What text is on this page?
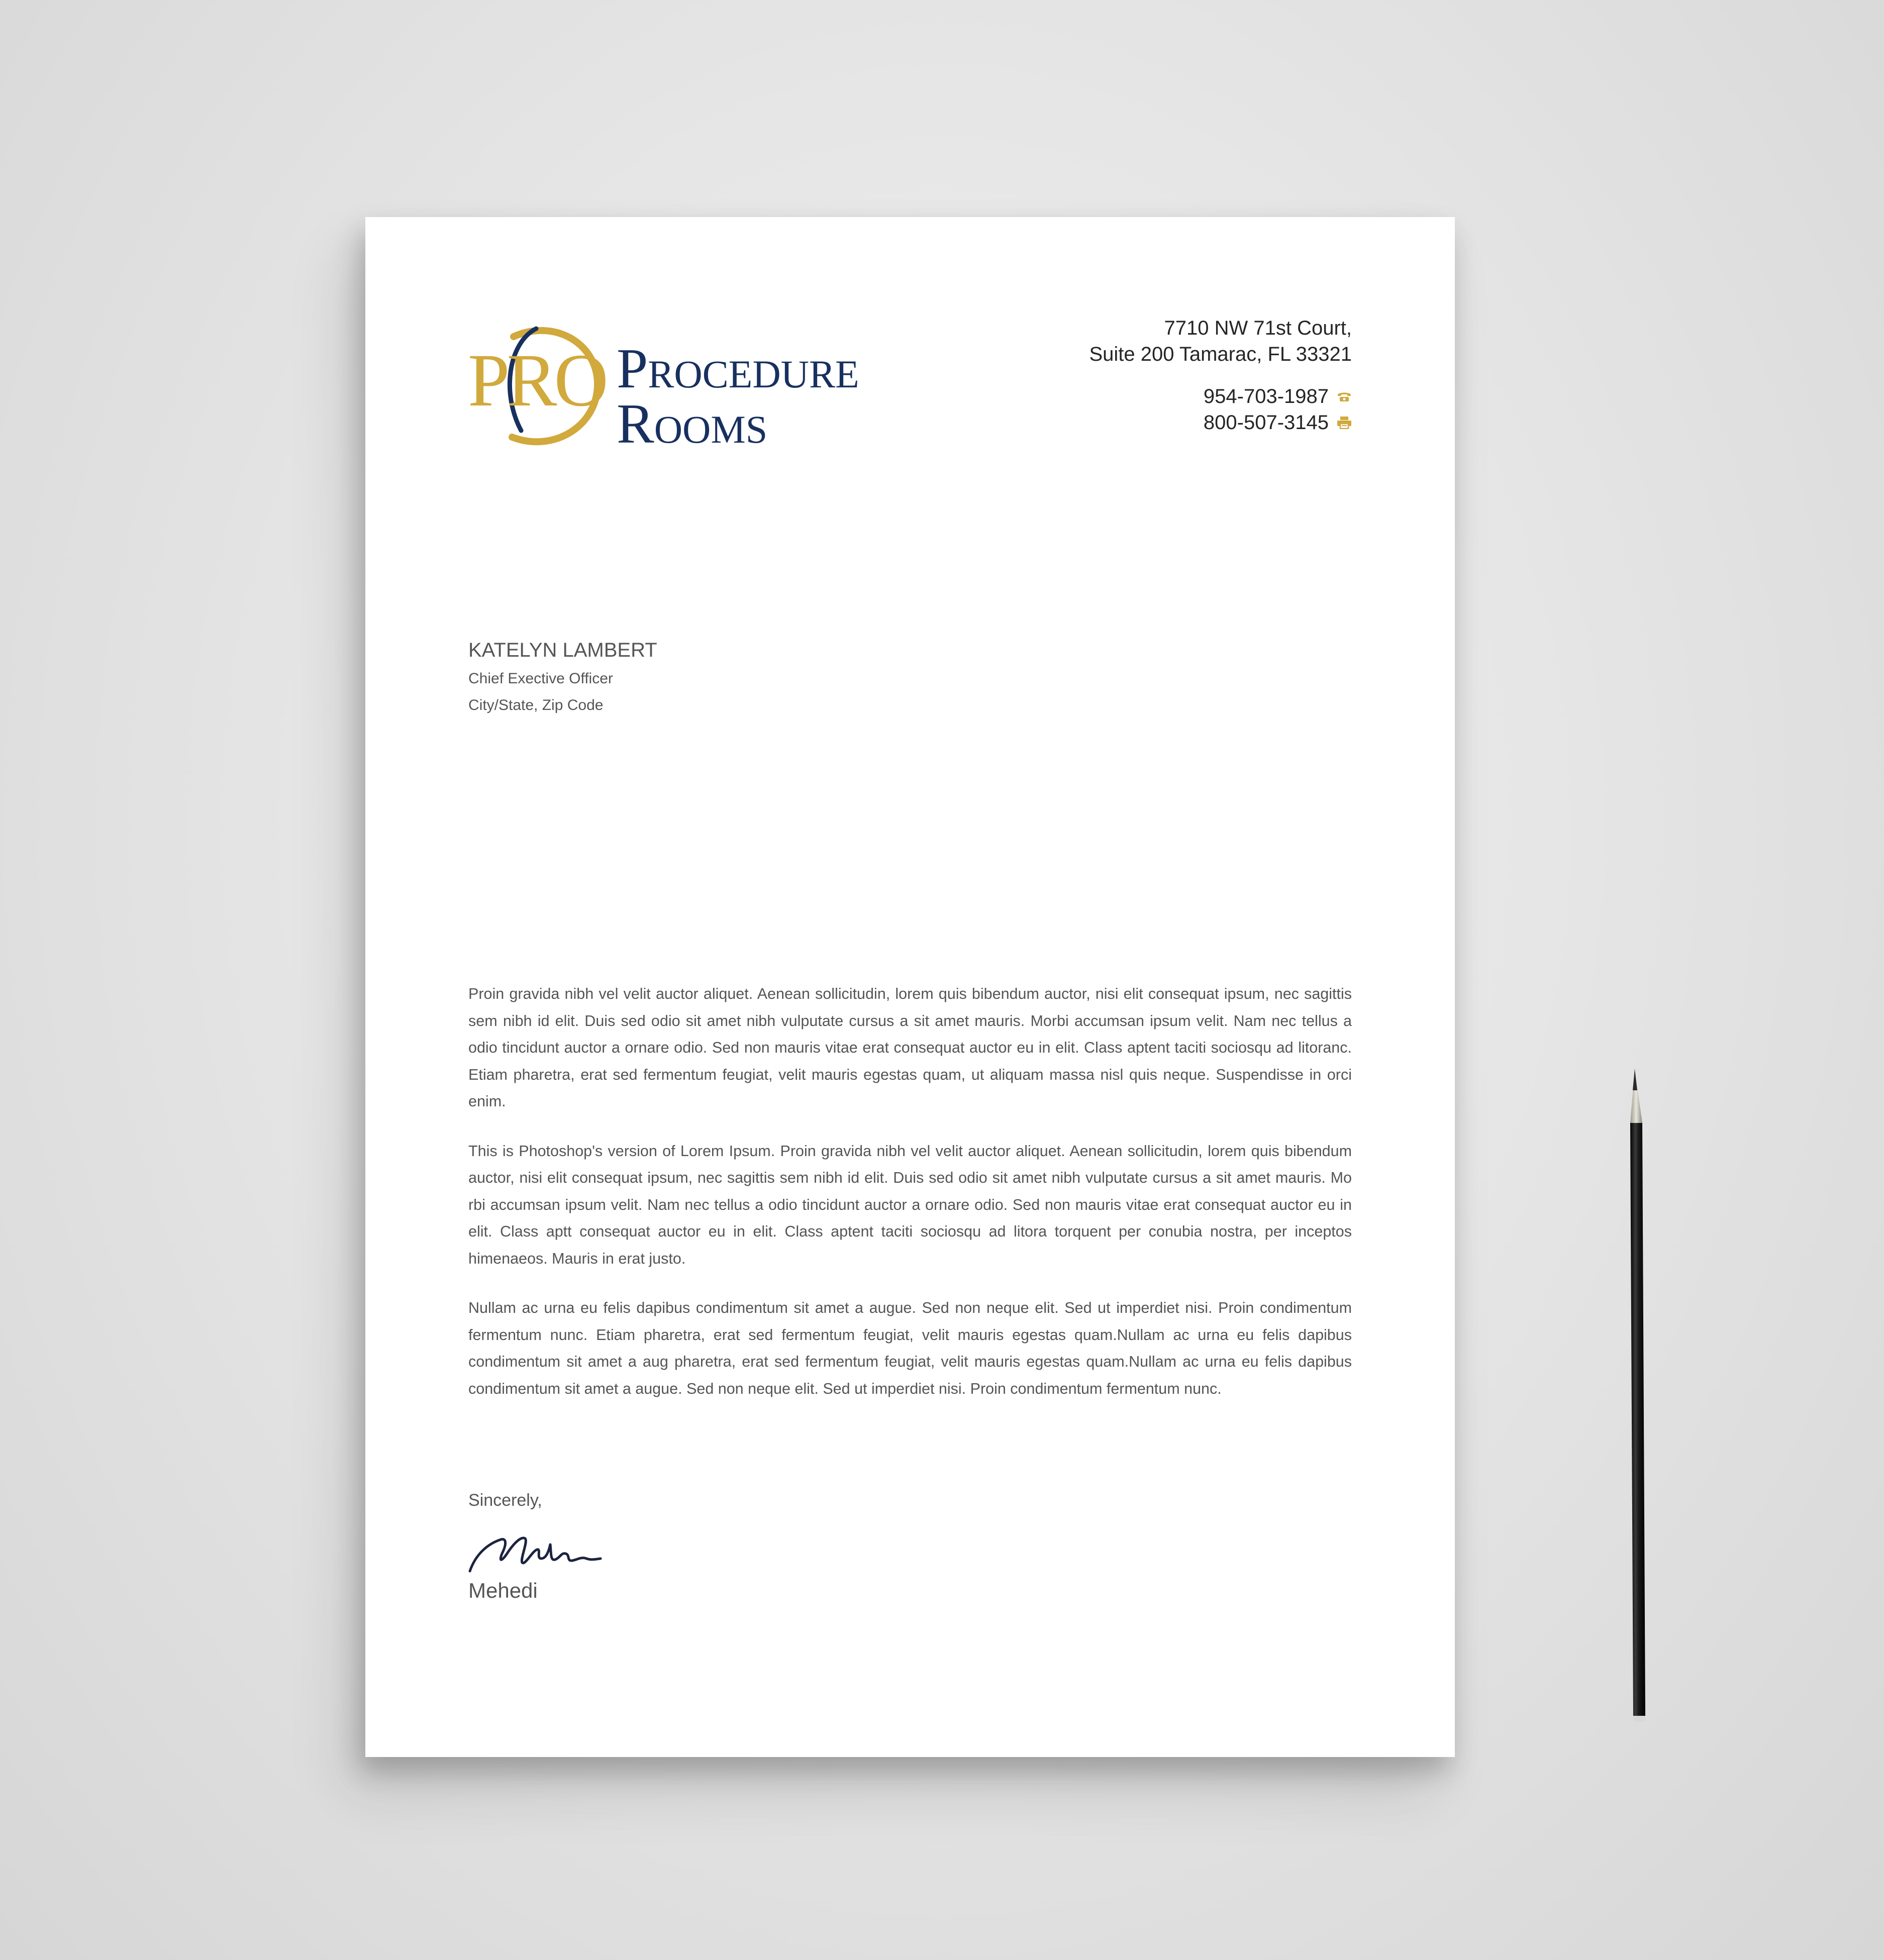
PRO Procedure
Rooms
7710 NW 71st Court,
Suite 200 Tamarac, FL 33321
954-703-1987
800-507-3145
KATELYN LAMBERT
Chief Exective Officer
City/State, Zip Code

Proin gravida nibh vel velit auctor aliquet. Aenean sollicitudin, lorem quis bibendum auctor, nisi elit consequat ipsum, nec sagittis sem nibh id elit. Duis sed odio sit amet nibh vulputate cursus a sit amet mauris. Morbi accumsan ipsum velit. Nam nec tellus a odio tincidunt auctor a ornare odio. Sed non mauris vitae erat consequat auctor eu in elit. Class aptent taciti sociosqu ad litoranc. Etiam pharetra, erat sed fermentum feugiat, velit mauris egestas quam, ut aliquam massa nisl quis neque. Suspendisse in orci enim.

This is Photoshop's version of Lorem Ipsum. Proin gravida nibh vel velit auctor aliquet. Aenean sollicitudin, lorem quis bibendum auctor, nisi elit consequat ipsum, nec sagittis sem nibh id elit. Duis sed odio sit amet nibh vulputate cursus a sit amet mauris. Mo rbi accumsan ipsum velit. Nam nec tellus a odio tincidunt auctor a ornare odio. Sed non mauris vitae erat consequat auctor eu in elit. Class aptt consequat auctor eu in elit. Class aptent taciti sociosqu ad litora torquent per conubia nostra, per inceptos himenaeos. Mauris in erat justo.

Nullam ac urna eu felis dapibus condimentum sit amet a augue. Sed non neque elit. Sed ut imperdiet nisi. Proin condimentum fermentum nunc. Etiam pharetra, erat sed fermentum feugiat, velit mauris egestas quam.Nullam ac urna eu felis dapibus condimentum sit amet a aug pharetra, erat sed fermentum feugiat, velit mauris egestas quam.Nullam ac urna eu felis dapibus condimentum sit amet a augue. Sed non neque elit. Sed ut imperdiet nisi. Proin condimentum fermentum nunc.

Sincerely,
Mehedi
